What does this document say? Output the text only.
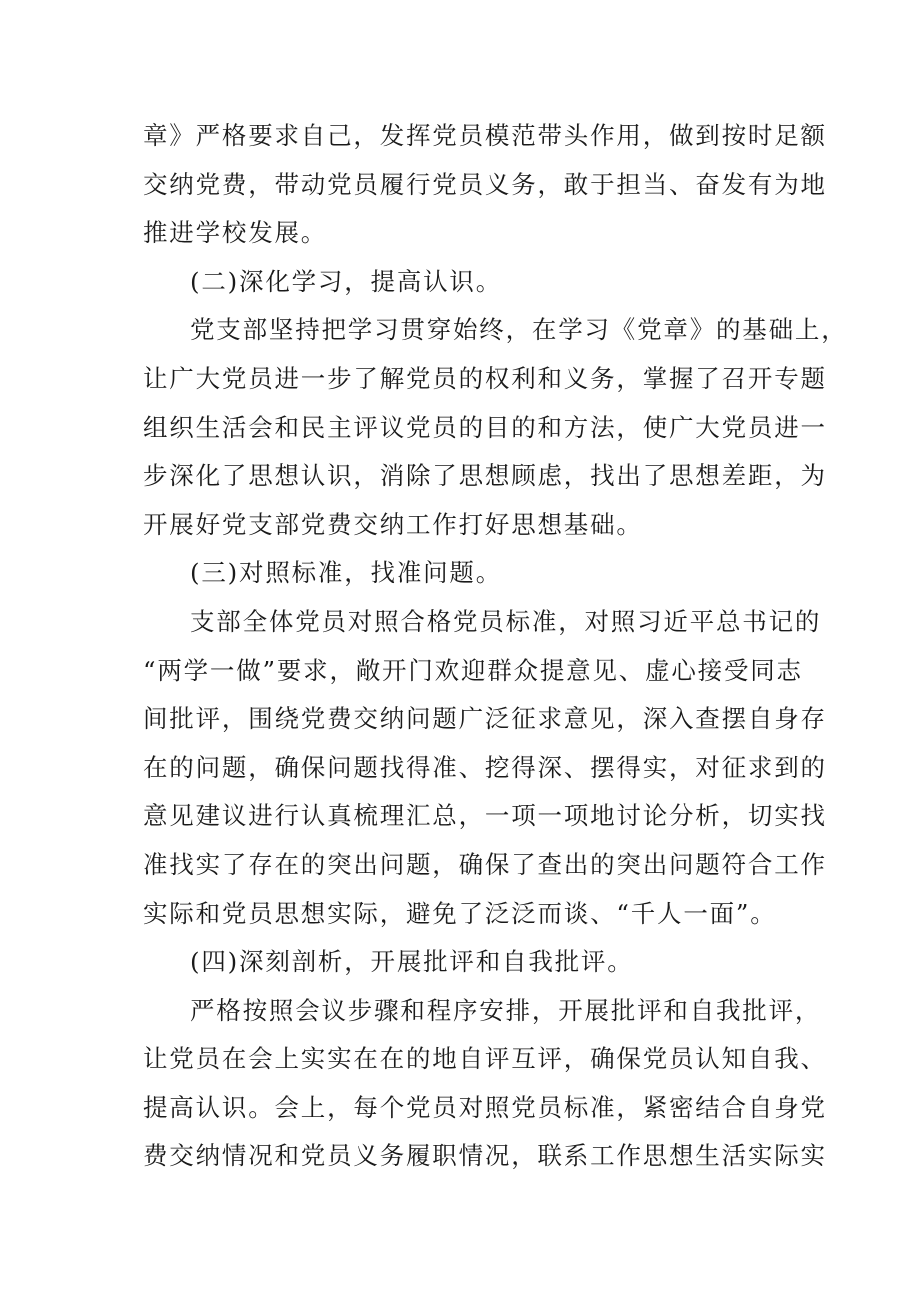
章》严格要求自己，发挥党员模范带头作用，做到按时足额
交纳党费，带动党员履行党员义务，敢于担当、奋发有为地
推进学校发展。
(二)深化学习，提高认识。
党支部坚持把学习贯穿始终，在学习《党章》的基础上，
让广大党员进一步了解党员的权利和义务，掌握了召开专题
组织生活会和民主评议党员的目的和方法，使广大党员进一
步深化了思想认识，消除了思想顾虑，找出了思想差距，为
开展好党支部党费交纳工作打好思想基础。
(三)对照标准，找准问题。
支部全体党员对照合格党员标准，对照习近平总书记的
“两学一做”要求，敞开门欢迎群众提意见、虚心接受同志
间批评，围绕党费交纳问题广泛征求意见，深入查摆自身存
在的问题，确保问题找得准、挖得深、摆得实，对征求到的
意见建议进行认真梳理汇总，一项一项地讨论分析，切实找
准找实了存在的突出问题，确保了查出的突出问题符合工作
实际和党员思想实际，避免了泛泛而谈、“千人一面”。
(四)深刻剖析，开展批评和自我批评。
严格按照会议步骤和程序安排，开展批评和自我批评，
让党员在会上实实在在的地自评互评，确保党员认知自我、
提高认识。会上，每个党员对照党员标准，紧密结合自身党
费交纳情况和党员义务履职情况，联系工作思想生活实际实
